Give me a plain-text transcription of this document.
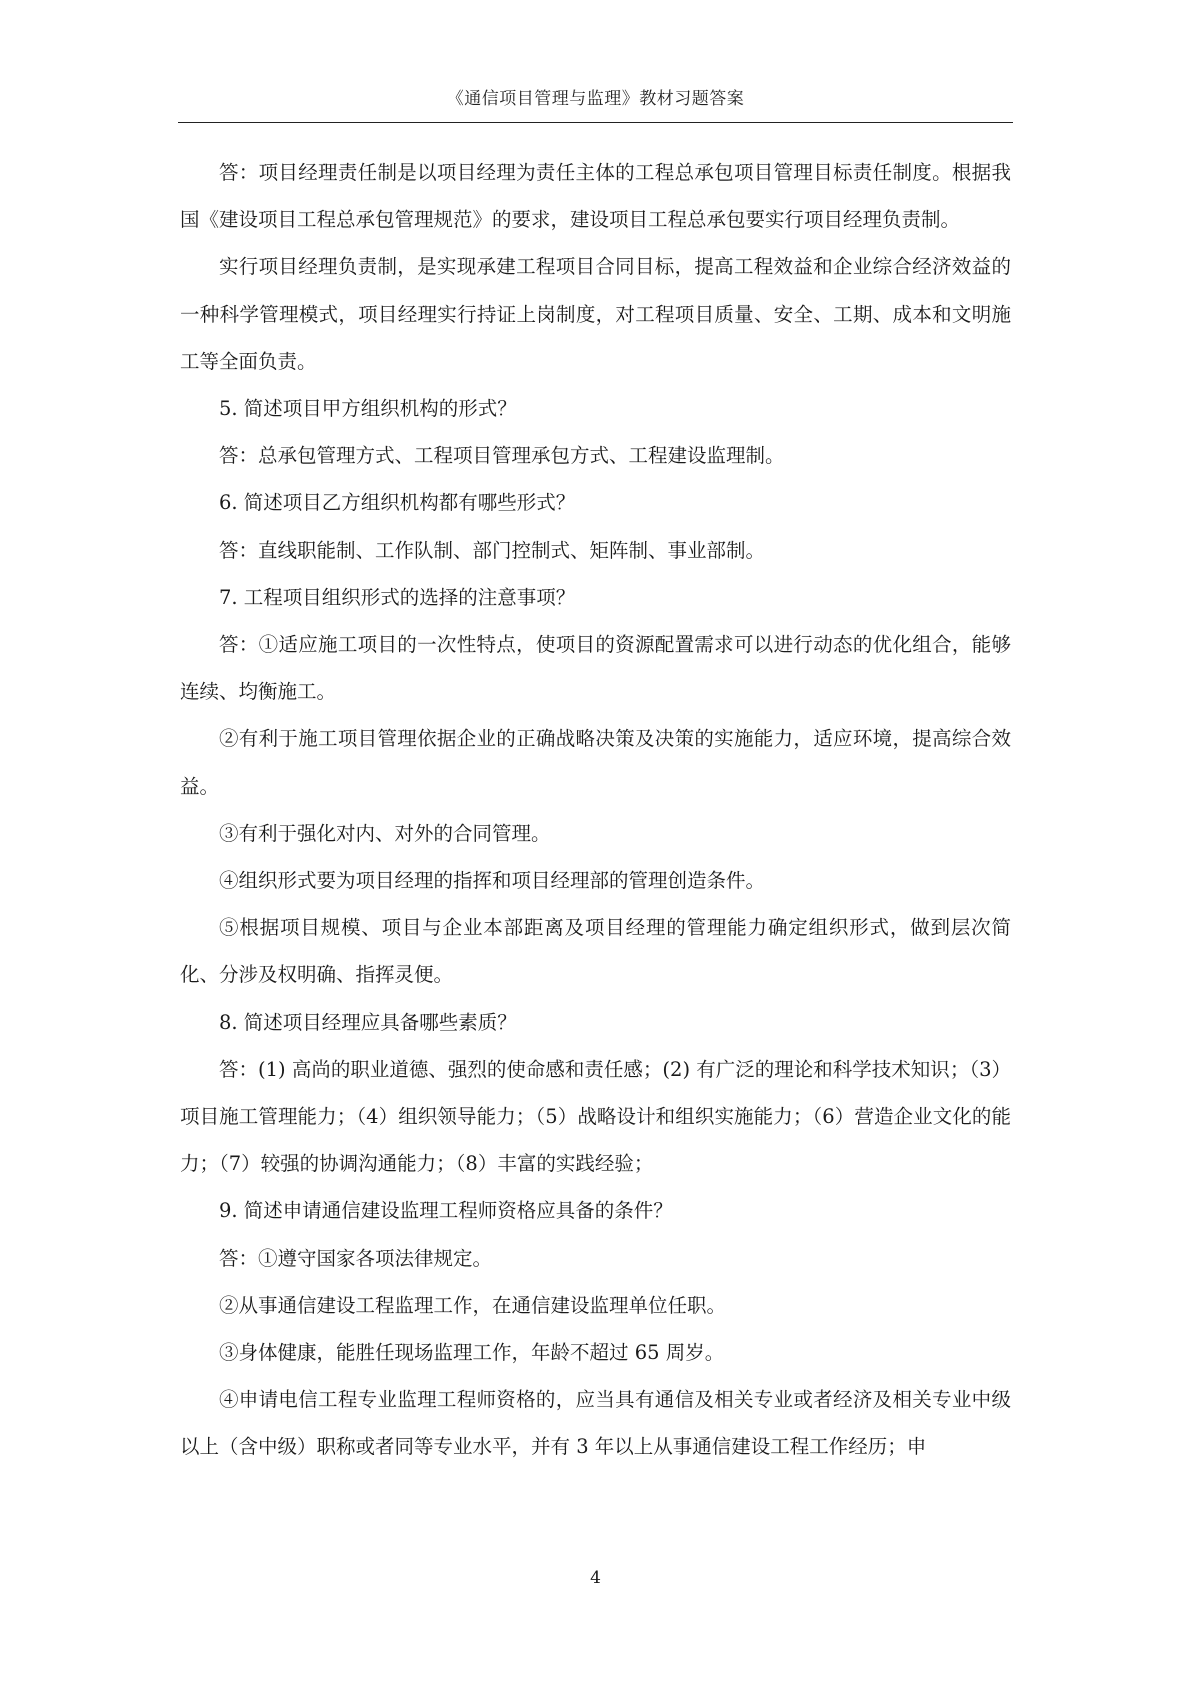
《通信项目管理与监理》教材习题答案

答：项目经理责任制是以项目经理为责任主体的工程总承包项目管理目标责任制度。根据我国《建设项目工程总承包管理规范》的要求，建设项目工程总承包要实行项目经理负责制。

实行项目经理负责制，是实现承建工程项目合同目标，提高工程效益和企业综合经济效益的一种科学管理模式，项目经理实行持证上岗制度，对工程项目质量、安全、工期、成本和文明施工等全面负责。

5. 简述项目甲方组织机构的形式？

答：总承包管理方式、工程项目管理承包方式、工程建设监理制。

6. 简述项目乙方组织机构都有哪些形式？

答：直线职能制、工作队制、部门控制式、矩阵制、事业部制。

7. 工程项目组织形式的选择的注意事项？

答：①适应施工项目的一次性特点，使项目的资源配置需求可以进行动态的优化组合，能够连续、均衡施工。

②有利于施工项目管理依据企业的正确战略决策及决策的实施能力，适应环境，提高综合效益。

③有利于强化对内、对外的合同管理。

④组织形式要为项目经理的指挥和项目经理部的管理创造条件。

⑤根据项目规模、项目与企业本部距离及项目经理的管理能力确定组织形式，做到层次简化、分涉及权明确、指挥灵便。

8. 简述项目经理应具备哪些素质？

答：(1) 高尚的职业道德、强烈的使命感和责任感；(2) 有广泛的理论和科学技术知识；（3）项目施工管理能力；（4）组织领导能力；（5）战略设计和组织实施能力；（6）营造企业文化的能力；（7）较强的协调沟通能力；（8）丰富的实践经验；

9. 简述申请通信建设监理工程师资格应具备的条件？

答：①遵守国家各项法律规定。

②从事通信建设工程监理工作，在通信建设监理单位任职。

③身体健康，能胜任现场监理工作，年龄不超过 65 周岁。

④申请电信工程专业监理工程师资格的，应当具有通信及相关专业或者经济及相关专业中级以上（含中级）职称或者同等专业水平，并有 3 年以上从事通信建设工程工作经历；申

4
